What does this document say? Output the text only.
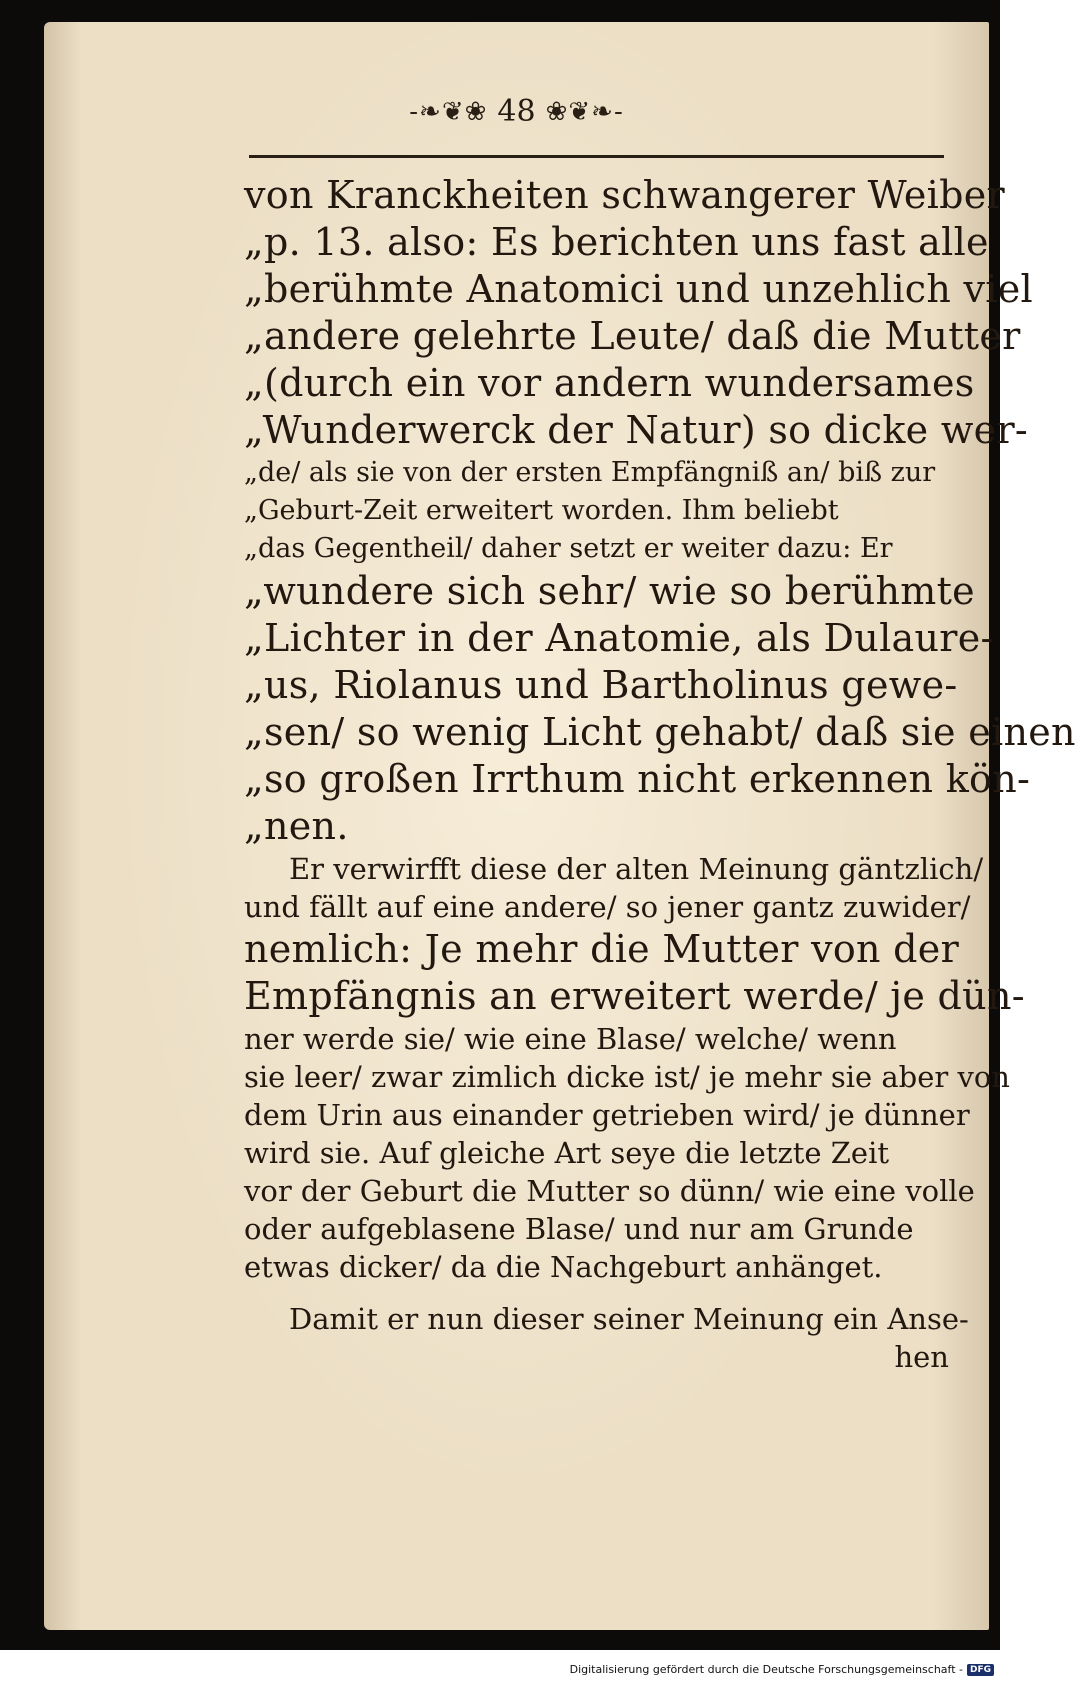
-❧❦❀ 48 ❀❦❧-
von Kranckheiten schwangerer Weiber
„p. 13. also: Es berichten uns fast alle
„berühmte Anatomici und unzehlich viel
„andere gelehrte Leute/ daß die Mutter
„(durch ein vor andern wundersames
„Wunderwerck der Natur) so dicke wer-
„de/ als sie von der ersten Empfängniß an/ biß zur
„Geburt-Zeit erweitert worden. Ihm beliebt
„das Gegentheil/ daher setzt er weiter dazu: Er
„wundere sich sehr/ wie so berühmte
„Lichter in der Anatomie, als Dulaure-
„us, Riolanus und Bartholinus gewe-
„sen/ so wenig Licht gehabt/ daß sie einen
„so großen Irrthum nicht erkennen kön-
„nen.
Er verwirfft diese der alten Meinung gäntzlich/
und fällt auf eine andere/ so jener gantz zuwider/
nemlich: Je mehr die Mutter von der
Empfängnis an erweitert werde/ je dün-
ner werde sie/ wie eine Blase/ welche/ wenn
sie leer/ zwar zimlich dicke ist/ je mehr sie aber von
dem Urin aus einander getrieben wird/ je dünner
wird sie. Auf gleiche Art seye die letzte Zeit
vor der Geburt die Mutter so dünn/ wie eine volle
oder aufgeblasene Blase/ und nur am Grunde
etwas dicker/ da die Nachgeburt anhänget.
Damit er nun dieser seiner Meinung ein Anse-
hen
Digitalisierung gefördert durch die Deutsche Forschungsgemeinschaft - DFG
